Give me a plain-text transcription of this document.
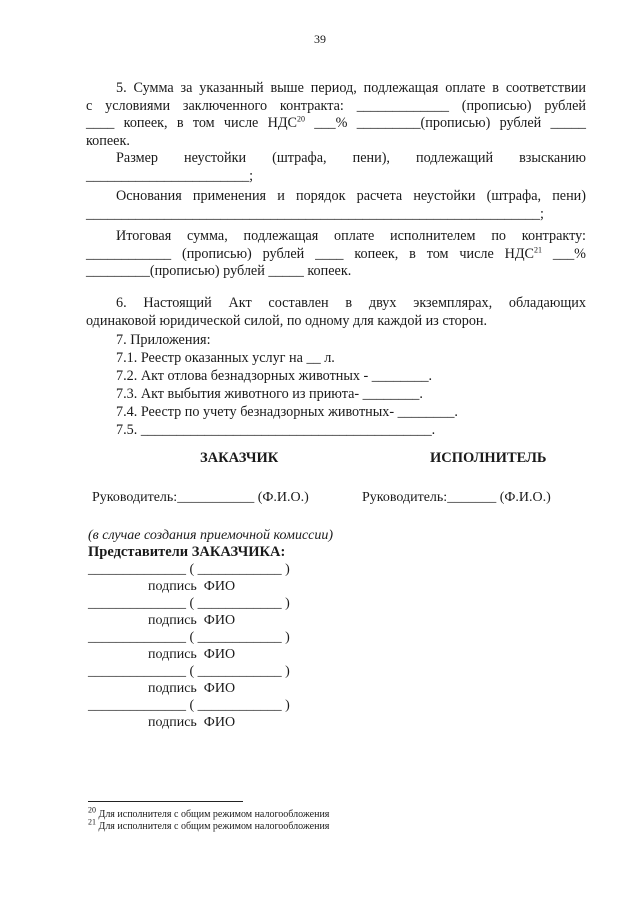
39

5. Сумма за указанный выше период, подлежащая оплате в соответствии

с условиями заключенного контракта: _____________ (прописью) рублей

____ копеек, в том числе НДС$^{20}$ ___% _________(прописью) рублей _____

копеек.

Размер неустойки (штрафа, пени), подлежащий взысканию

_______________________;

Основания применения и порядок расчета неустойки (штрафа, пени)

________________________________________________________________;

Итоговая сумма, подлежащая оплате исполнителем по контракту:

____________ (прописью) рублей ____ копеек, в том числе НДС$^{21}$ ___%

_________(прописью) рублей _____ копеек.

6. Настоящий Акт составлен в двух экземплярах, обладающих

одинаковой юридической силой, по одному для каждой из сторон.

7. Приложения:

7.1. Реестр оказанных услуг на __ л.

7.2. Акт отлова безнадзорных животных - ________.

7.3. Акт выбытия животного из приюта- ________.

7.4. Реестр по учету безнадзорных животных- ________.

7.5. _________________________________________.

ЗАКАЗЧИК	ИСПОЛНИТЕЛЬ
Руководитель:___________ (Ф.И.О.)	Руководитель:_______ (Ф.И.О.)
(в случае создания приемочной комиссии)
Представители ЗАКАЗЧИКА:
______________ ( ____________ )
подпись  ФИО
______________ ( ____________ )
подпись  ФИО
______________ ( ____________ )
подпись  ФИО
______________ ( ____________ )
подпись  ФИО
______________ ( ____________ )
подпись  ФИО
$^{20}$ Для исполнителя с общим режимом налогообложения
$^{21}$ Для исполнителя с общим режимом налогообложения
